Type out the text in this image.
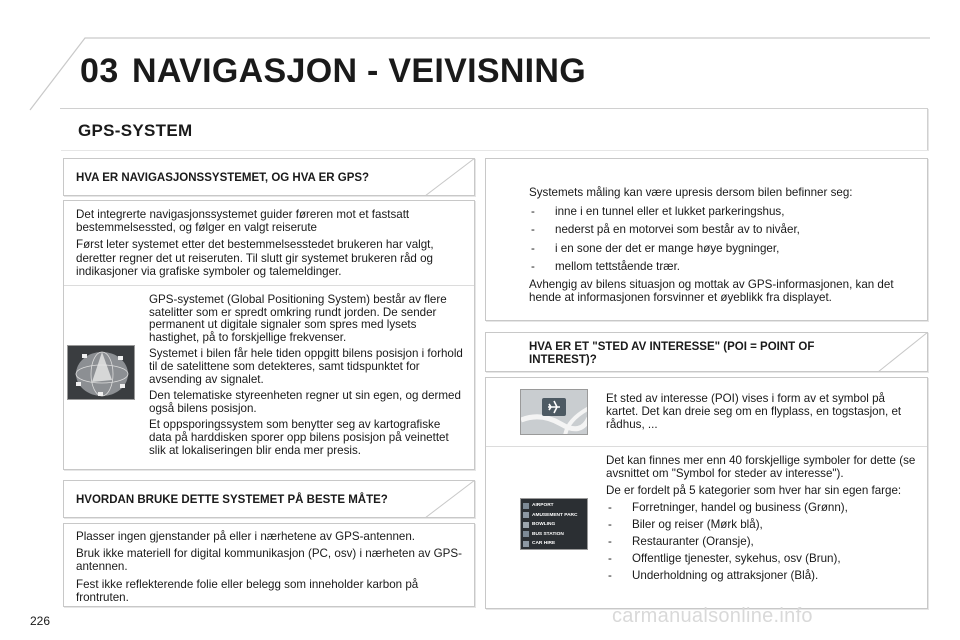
03 NAVIGASJON - VEIVISNING
GPS-SYSTEM
HVA ER NAVIGASJONSSYSTEMET, OG HVA ER GPS?

Det integrerte navigasjonssystemet guider føreren mot et fastsatt bestemmelsessted, og følger en valgt reiserute

Først leter systemet etter det bestemmelsesstedet brukeren har valgt, deretter regner det ut reiseruten. Til slutt gir systemet brukeren råd og indikasjoner via grafiske symboler og talemeldinger.

GPS-systemet (Global Positioning System) består av flere satelitter som er spredt omkring rundt jorden. De sender permanent ut digitale signaler som spres med lysets hastighet, på to forskjellige frekvenser.

Systemet i bilen får hele tiden oppgitt bilens posisjon i forhold til de satelittene som detekteres, samt tidspunktet for avsending av signalet.

Den telematiske styreenheten regner ut sin egen, og dermed også bilens posisjon.

Et oppsporingssystem som benytter seg av kartografiske data på harddisken sporer opp bilens posisjon på veinettet slik at lokaliseringen blir enda mer presis.

HVORDAN BRUKE DETTE SYSTEMET PÅ BESTE MÅTE?

Plasser ingen gjenstander på eller i nærhetene av GPS-antennen.

Bruk ikke materiell for digital kommunikasjon (PC, osv) i nærheten av GPS-antennen.

Fest ikke reflekterende folie eller belegg som inneholder karbon på frontruten.

Systemets måling kan være upresis dersom bilen befinner seg:

- inne i en tunnel eller et lukket parkeringshus,
- nederst på en motorvei som består av to nivåer,
- i en sone der det er mange høye bygninger,
- mellom tettstående trær.

Avhengig av bilens situasjon og mottak av GPS-informasjonen, kan det hende at informasjonen forsvinner et øyeblikk fra displayet.

HVA ER ET "STED AV INTERESSE" (POI = POINT OF INTEREST)?
Et sted av interesse (POI) vises i form av et symbol på kartet. Det kan dreie seg om en flyplass, en togstasjon, et rådhus, ...
AIRPORT
AMUSEMENT PARC
BOWLING
BUS STATION
CAR HIRE

Det kan finnes mer enn 40 forskjellige symboler for dette (se avsnittet om "Symbol for steder av interesse").

De er fordelt på 5 kategorier som hver har sin egen farge:

- Forretninger, handel og business (Grønn),
- Biler og reiser (Mørk blå),
- Restauranter (Oransje),
- Offentlige tjenester, sykehus, osv (Brun),
- Underholdning og attraksjoner (Blå).
226	carmanualsonline.info
